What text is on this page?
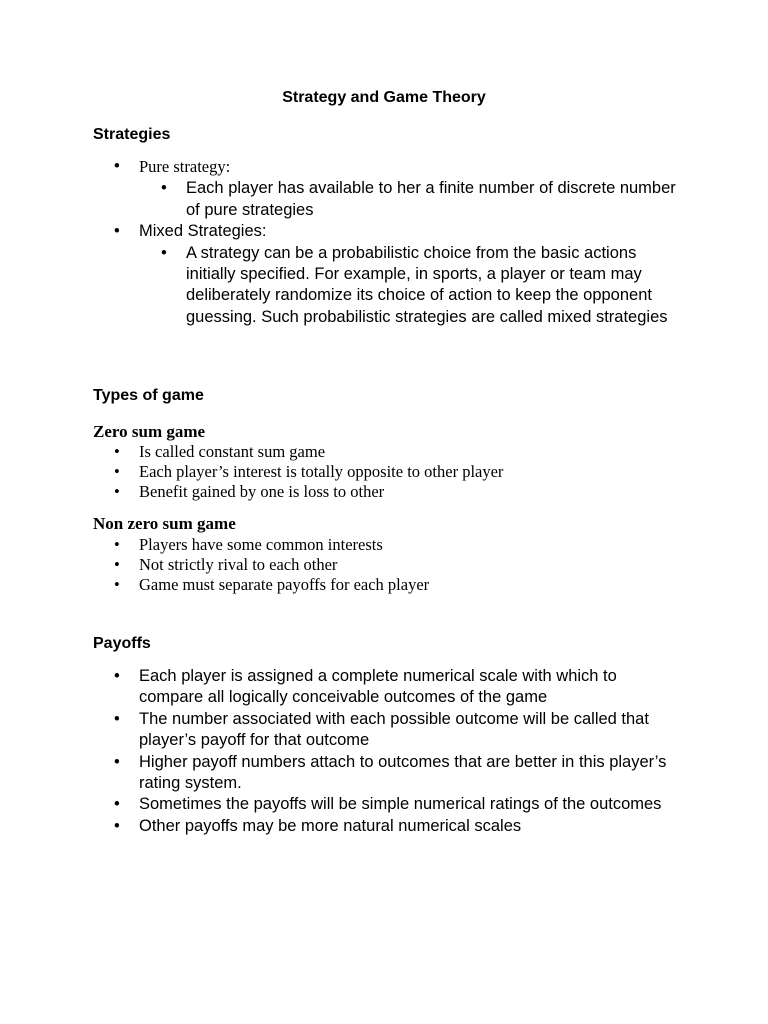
Strategy and Game Theory
Strategies
• Pure strategy:
• Each player has available to her a finite number of discrete number of pure strategies
• Mixed Strategies:
• A strategy can be a probabilistic choice from the basic actions initially specified. For example, in sports, a player or team may deliberately randomize its choice of action to keep the opponent guessing. Such probabilistic strategies are called mixed strategies
Types of game
Zero sum game
• Is called constant sum game
• Each player’s interest is totally opposite to other player
• Benefit gained by one is loss to other
Non zero sum game
• Players have some common interests
• Not strictly rival to each other
• Game must separate payoffs for each player
Payoffs
• Each player is assigned a complete numerical scale with which to compare all logically conceivable outcomes of the game
• The number associated with each possible outcome will be called that player’s payoff for that outcome
• Higher payoff numbers attach to outcomes that are better in this player’s rating system.
• Sometimes the payoffs will be simple numerical ratings of the outcomes
• Other payoffs may be more natural numerical scales
